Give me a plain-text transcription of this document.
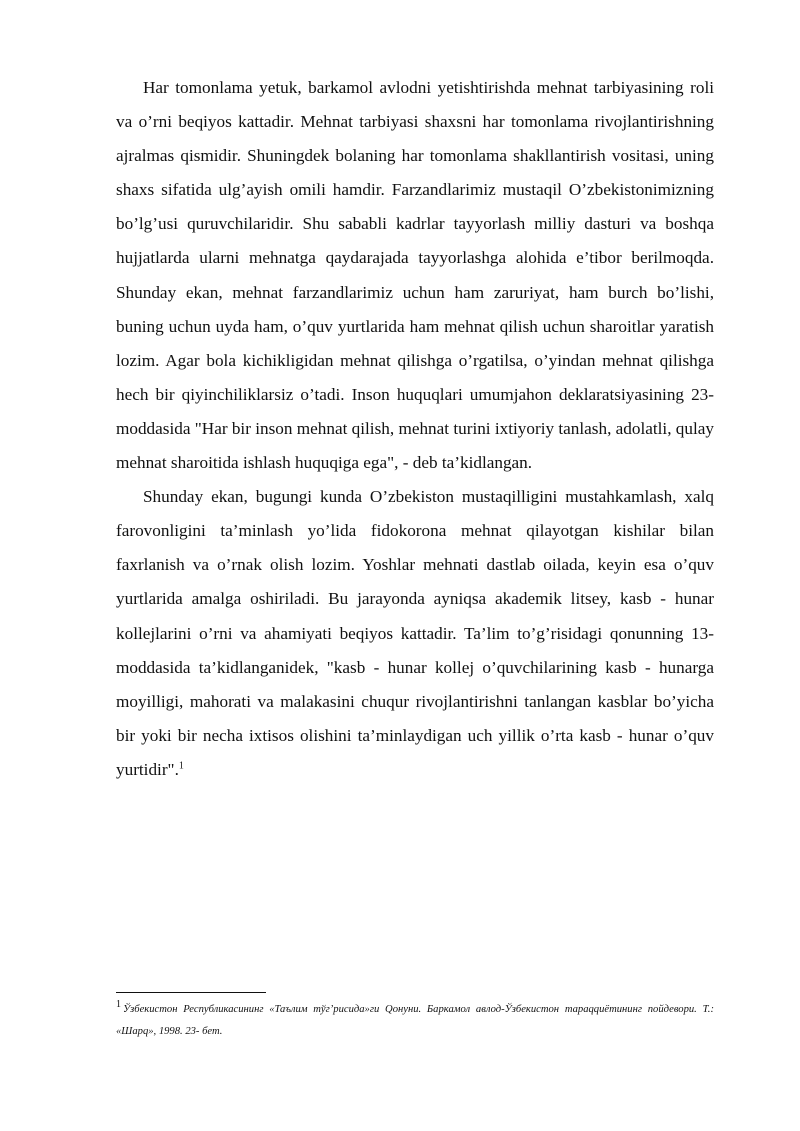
Har tomonlama yetuk, barkamol avlodni yetishtirishda mehnat tarbiyasining roli va o’rni beqiyos kattadir. Mehnat tarbiyasi shaxsni har tomonlama rivojlantirishning ajralmas qismidir. Shuningdek bolaning har tomonlama shakllantirish vositasi, uning shaxs sifatida ulg’ayish omili hamdir. Farzandlarimiz mustaqil O’zbekistonimizning bo’lg’usi quruvchilaridir. Shu sababli kadrlar tayyorlash milliy dasturi va boshqa hujjatlarda ularni mehnatga qaydarajada tayyorlashga alohida e’tibor berilmoqda. Shunday ekan, mehnat farzandlarimiz uchun ham zaruriyat, ham burch bo’lishi, buning uchun uyda ham, o’quv yurtlarida ham mehnat qilish uchun sharoitlar yaratish lozim. Agar bola kichikligidan mehnat qilishga o’rgatilsa, o’yindan mehnat qilishga hech bir qiyinchiliklarsiz o’tadi. Inson huquqlari umumjahon deklaratsiyasining 23-moddasida "Har bir inson mehnat qilish, mehnat turini ixtiyoriy tanlash, adolatli, qulay mehnat sharoitida ishlash huquqiga ega", - deb ta’kidlangan.

Shunday ekan, bugungi kunda O’zbekiston mustaqilligini mustahkamlash, xalq farovonligini ta’minlash yo’lida fidokorona mehnat qilayotgan kishilar bilan faxrlanish va o’rnak olish lozim. Yoshlar mehnati dastlab oilada, keyin esa o’quv yurtlarida amalga oshiriladi. Bu jarayonda ayniqsa akademik litsey, kasb - hunar kollejlarini o’rni va ahamiyati beqiyos kattadir. Ta’lim to’g’risidagi qonunning 13-moddasida ta’kidlanganidek, "kasb - hunar kollej o’quvchilarining kasb - hunarga moyilligi, mahorati va malakasini chuqur rivojlantirishni tanlangan kasblar bo’yicha bir yoki bir necha ixtisos olishini ta’minlaydigan uch yillik o’rta kasb - hunar o’quv yurtidir".$^1$

$^1$ Ўзбекистон Республикасининг «Таълим тўг’рисида»ги Qонуни. Баркамол авлод-Ўзбекистон тараqqиётининг пойдевори. Т.: «Шарq», 1998. 23- бет.
